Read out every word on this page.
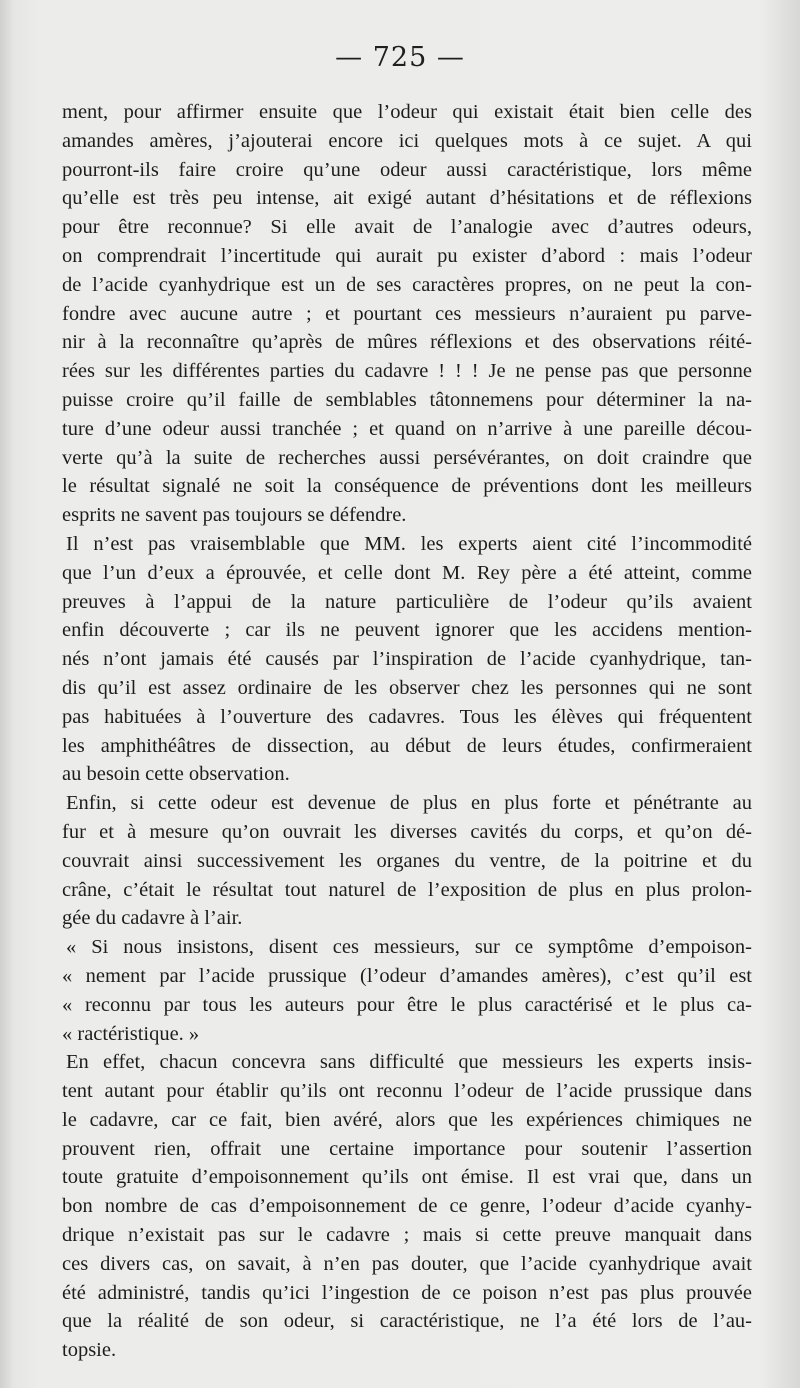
— 725 —
ment, pour affirmer ensuite que l’odeur qui existait était bien celle des
amandes amères, j’ajouterai encore ici quelques mots à ce sujet. A qui
pourront-ils faire croire qu’une odeur aussi caractéristique, lors même
qu’elle est très peu intense, ait exigé autant d’hésitations et de réflexions
pour être reconnue? Si elle avait de l’analogie avec d’autres odeurs,
on comprendrait l’incertitude qui aurait pu exister d’abord : mais l’odeur
de l’acide cyanhydrique est un de ses caractères propres, on ne peut la con-
fondre avec aucune autre ; et pourtant ces messieurs n’auraient pu parve-
nir à la reconnaître qu’après de mûres réflexions et des observations réité-
rées sur les différentes parties du cadavre ! ! ! Je ne pense pas que personne
puisse croire qu’il faille de semblables tâtonnemens pour déterminer la na-
ture d’une odeur aussi tranchée ; et quand on n’arrive à une pareille décou-
verte qu’à la suite de recherches aussi persévérantes, on doit craindre que
le résultat signalé ne soit la conséquence de préventions dont les meilleurs
esprits ne savent pas toujours se défendre.
Il n’est pas vraisemblable que MM. les experts aient cité l’incommodité
que l’un d’eux a éprouvée, et celle dont M. Rey père a été atteint, comme
preuves à l’appui de la nature particulière de l’odeur qu’ils avaient
enfin découverte ; car ils ne peuvent ignorer que les accidens mention-
nés n’ont jamais été causés par l’inspiration de l’acide cyanhydrique, tan-
dis qu’il est assez ordinaire de les observer chez les personnes qui ne sont
pas habituées à l’ouverture des cadavres. Tous les élèves qui fréquentent
les amphithéâtres de dissection, au début de leurs études, confirmeraient
au besoin cette observation.
Enfin, si cette odeur est devenue de plus en plus forte et pénétrante au
fur et à mesure qu’on ouvrait les diverses cavités du corps, et qu’on dé-
couvrait ainsi successivement les organes du ventre, de la poitrine et du
crâne, c’était le résultat tout naturel de l’exposition de plus en plus prolon-
gée du cadavre à l’air.
« Si nous insistons, disent ces messieurs, sur ce symptôme d’empoison-
« nement par l’acide prussique (l’odeur d’amandes amères), c’est qu’il est
« reconnu par tous les auteurs pour être le plus caractérisé et le plus ca-
« ractéristique. »
En effet, chacun concevra sans difficulté que messieurs les experts insis-
tent autant pour établir qu’ils ont reconnu l’odeur de l’acide prussique dans
le cadavre, car ce fait, bien avéré, alors que les expériences chimiques ne
prouvent rien, offrait une certaine importance pour soutenir l’assertion
toute gratuite d’empoisonnement qu’ils ont émise. Il est vrai que, dans un
bon nombre de cas d’empoisonnement de ce genre, l’odeur d’acide cyanhy-
drique n’existait pas sur le cadavre ; mais si cette preuve manquait dans
ces divers cas, on savait, à n’en pas douter, que l’acide cyanhydrique avait
été administré, tandis qu’ici l’ingestion de ce poison n’est pas plus prouvée
que la réalité de son odeur, si caractéristique, ne l’a été lors de l’au-
topsie.
